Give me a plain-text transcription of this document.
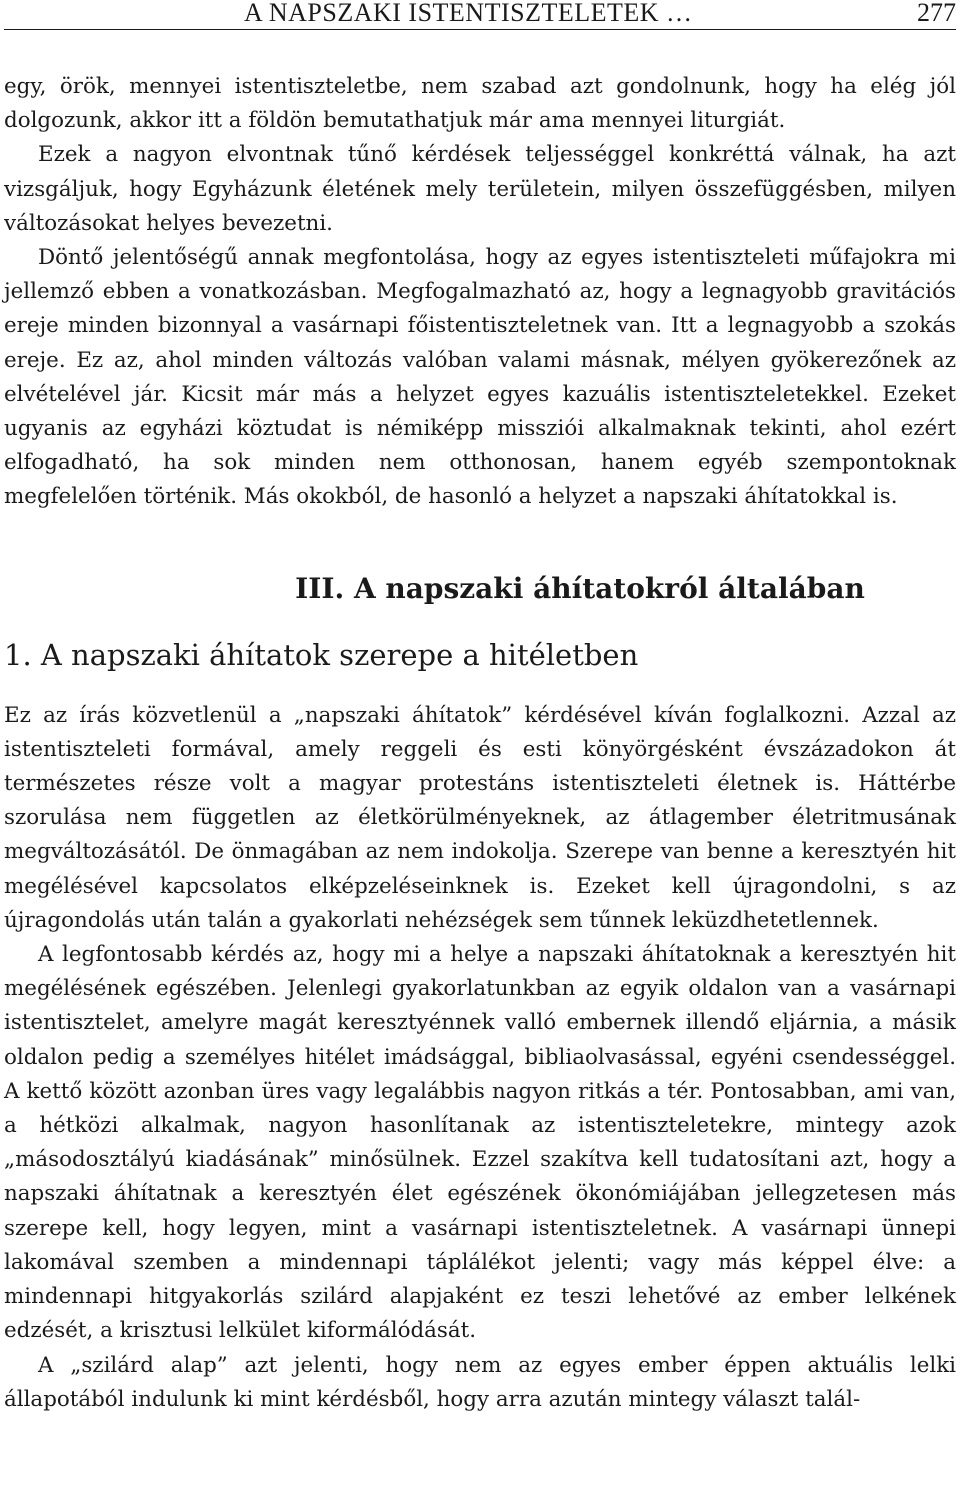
A NAPSZAKI ISTENTISZTELETEK …	277

egy, örök, mennyei istentiszteletbe, nem szabad azt gondolnunk, hogy ha elég jól dolgozunk, akkor itt a földön bemutathatjuk már ama mennyei liturgiát.

Ezek a nagyon elvontnak tűnő kérdések teljességgel konkréttá válnak, ha azt vizsgáljuk, hogy Egyházunk életének mely területein, milyen összefüggésben, milyen változásokat helyes bevezetni.

Döntő jelentőségű annak megfontolása, hogy az egyes istentiszteleti műfajokra mi jellemző ebben a vonatkozásban. Megfogalmazható az, hogy a legnagyobb gravitációs ereje minden bizonnyal a vasárnapi főistentiszteletnek van. Itt a legnagyobb a szokás ereje. Ez az, ahol minden változás valóban valami másnak, mélyen gyökerezőnek az elvételével jár. Kicsit már más a helyzet egyes kazuális istentiszteletekkel. Ezeket ugyanis az egyházi köztudat is némiképp missziói alkalmaknak tekinti, ahol ezért elfogadható, ha sok minden nem otthonosan, hanem egyéb szempontoknak megfelelően történik. Más okokból, de hasonló a helyzet a napszaki áhítatokkal is.

III. A napszaki áhítatokról általában
1. A napszaki áhítatok szerepe a hitéletben

Ez az írás közvetlenül a „napszaki áhítatok” kérdésével kíván foglalkozni. Azzal az istentiszteleti formával, amely reggeli és esti könyörgésként évszázadokon át természetes része volt a magyar protestáns istentiszteleti életnek is. Háttérbe szorulása nem független az életkörülményeknek, az átlagember életritmusának megváltozásától. De önmagában az nem indokolja. Szerepe van benne a keresztyén hit megélésével kapcsolatos elképzeléseinknek is. Ezeket kell újragondolni, s az újragondolás után talán a gyakorlati nehézségek sem tűnnek leküzdhetetlennek.

A legfontosabb kérdés az, hogy mi a helye a napszaki áhítatoknak a keresztyén hit megélésének egészében. Jelenlegi gyakorlatunkban az egyik oldalon van a vasárnapi istentisztelet, amelyre magát keresztyénnek valló embernek illendő eljárnia, a másik oldalon pedig a személyes hitélet imádsággal, bibliaolvasással, egyéni csendességgel. A kettő között azonban üres vagy legalábbis nagyon ritkás a tér. Pontosabban, ami van, a hétközi alkalmak, nagyon hasonlítanak az istentiszteletekre, mintegy azok „másodosztályú kiadásának” minősülnek. Ezzel szakítva kell tudatosítani azt, hogy a napszaki áhítatnak a keresztyén élet egészének ökonómiájában jellegzetesen más szerepe kell, hogy legyen, mint a vasárnapi istentiszteletnek. A vasárnapi ünnepi lakomával szemben a mindennapi táplálékot jelenti; vagy más képpel élve: a mindennapi hitgyakorlás szilárd alapjaként ez teszi lehetővé az ember lelkének edzését, a krisztusi lelkület kiformálódását.

A „szilárd alap” azt jelenti, hogy nem az egyes ember éppen aktuális lelki állapotából indulunk ki mint kérdésből, hogy arra azután mintegy választ talál-
